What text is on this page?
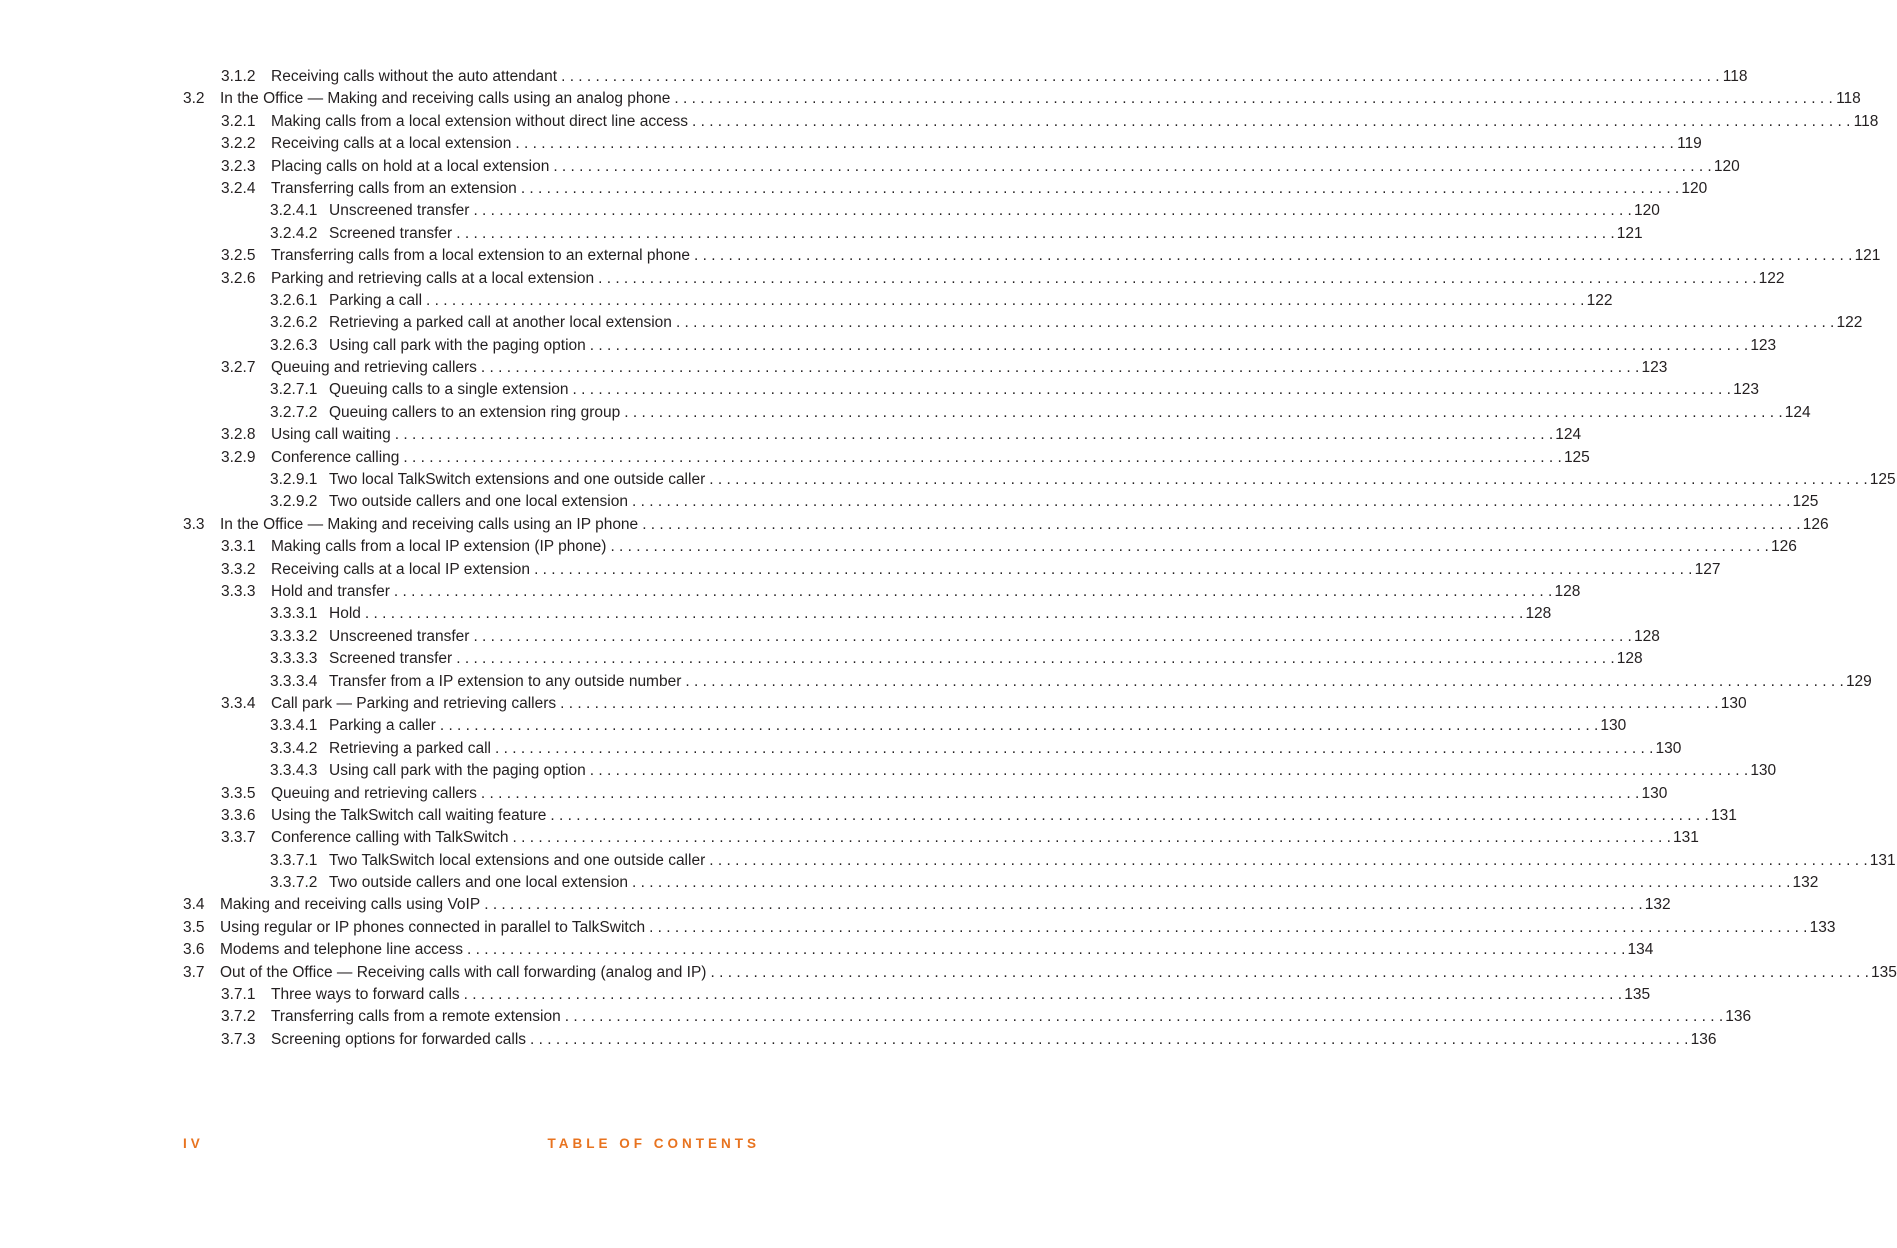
3.1.2	Receiving calls without the auto attendant . . .	118
3.2 In the Office — Making and receiving calls using an analog phone . . .	118
3.2.1	Making calls from a local extension without direct line access . . .	118
3.2.2	Receiving calls at a local extension . . .	119
3.2.3	Placing calls on hold at a local extension . . .	120
3.2.4	Transferring calls from an extension . . .	120
3.2.4.1 Unscreened transfer . . .	120
3.2.4.2 Screened transfer . . .	121
3.2.5	Transferring calls from a local extension to an external phone . . .	121
3.2.6	Parking and retrieving calls at a local extension . . .	122
3.2.6.1 Parking a call . . .	122
3.2.6.2 Retrieving a parked call at another local extension . . .	122
3.2.6.3 Using call park with the paging option . . .	123
3.2.7	Queuing and retrieving callers . . .	123
3.2.7.1 Queuing calls to a single extension . . .	123
3.2.7.2 Queuing callers to an extension ring group . . .	124
3.2.8	Using call waiting . . .	124
3.2.9	Conference calling . . .	125
3.2.9.1 Two local TalkSwitch extensions and one outside caller . . .	125
3.2.9.2 Two outside callers and one local extension . . .	125
3.3 In the Office — Making and receiving calls using an IP phone . . .	126
3.3.1	Making calls from a local IP extension (IP phone) . . .	126
3.3.2	Receiving calls at a local IP extension . . .	127
3.3.3	Hold and transfer . . .	128
3.3.3.1 Hold . . .	128
3.3.3.2 Unscreened transfer . . .	128
3.3.3.3 Screened transfer . . .	128
3.3.3.4 Transfer from a IP extension to any outside number . . .	129
3.3.4	Call park — Parking and retrieving callers . . .	130
3.3.4.1 Parking a caller . . .	130
3.3.4.2 Retrieving a parked call . . .	130
3.3.4.3 Using call park with the paging option . . .	130
3.3.5	Queuing and retrieving callers . . .	130
3.3.6	Using the TalkSwitch call waiting feature . . .	131
3.3.7	Conference calling with TalkSwitch . . .	131
3.3.7.1 Two TalkSwitch local extensions and one outside caller . . .	131
3.3.7.2 Two outside callers and one local extension . . .	132
3.4 Making and receiving calls using VoIP . . .	132
3.5 Using regular or IP phones connected in parallel to TalkSwitch . . .	133
3.6 Modems and telephone line access . . .	134
3.7 Out of the Office — Receiving calls with call forwarding (analog and IP) . . .	135
3.7.1	Three ways to forward calls . . .	135
3.7.2	Transferring calls from a remote extension . . .	136
3.7.3	Screening options for forwarded calls . . .	136
IV	TABLE OF CONTENTS
